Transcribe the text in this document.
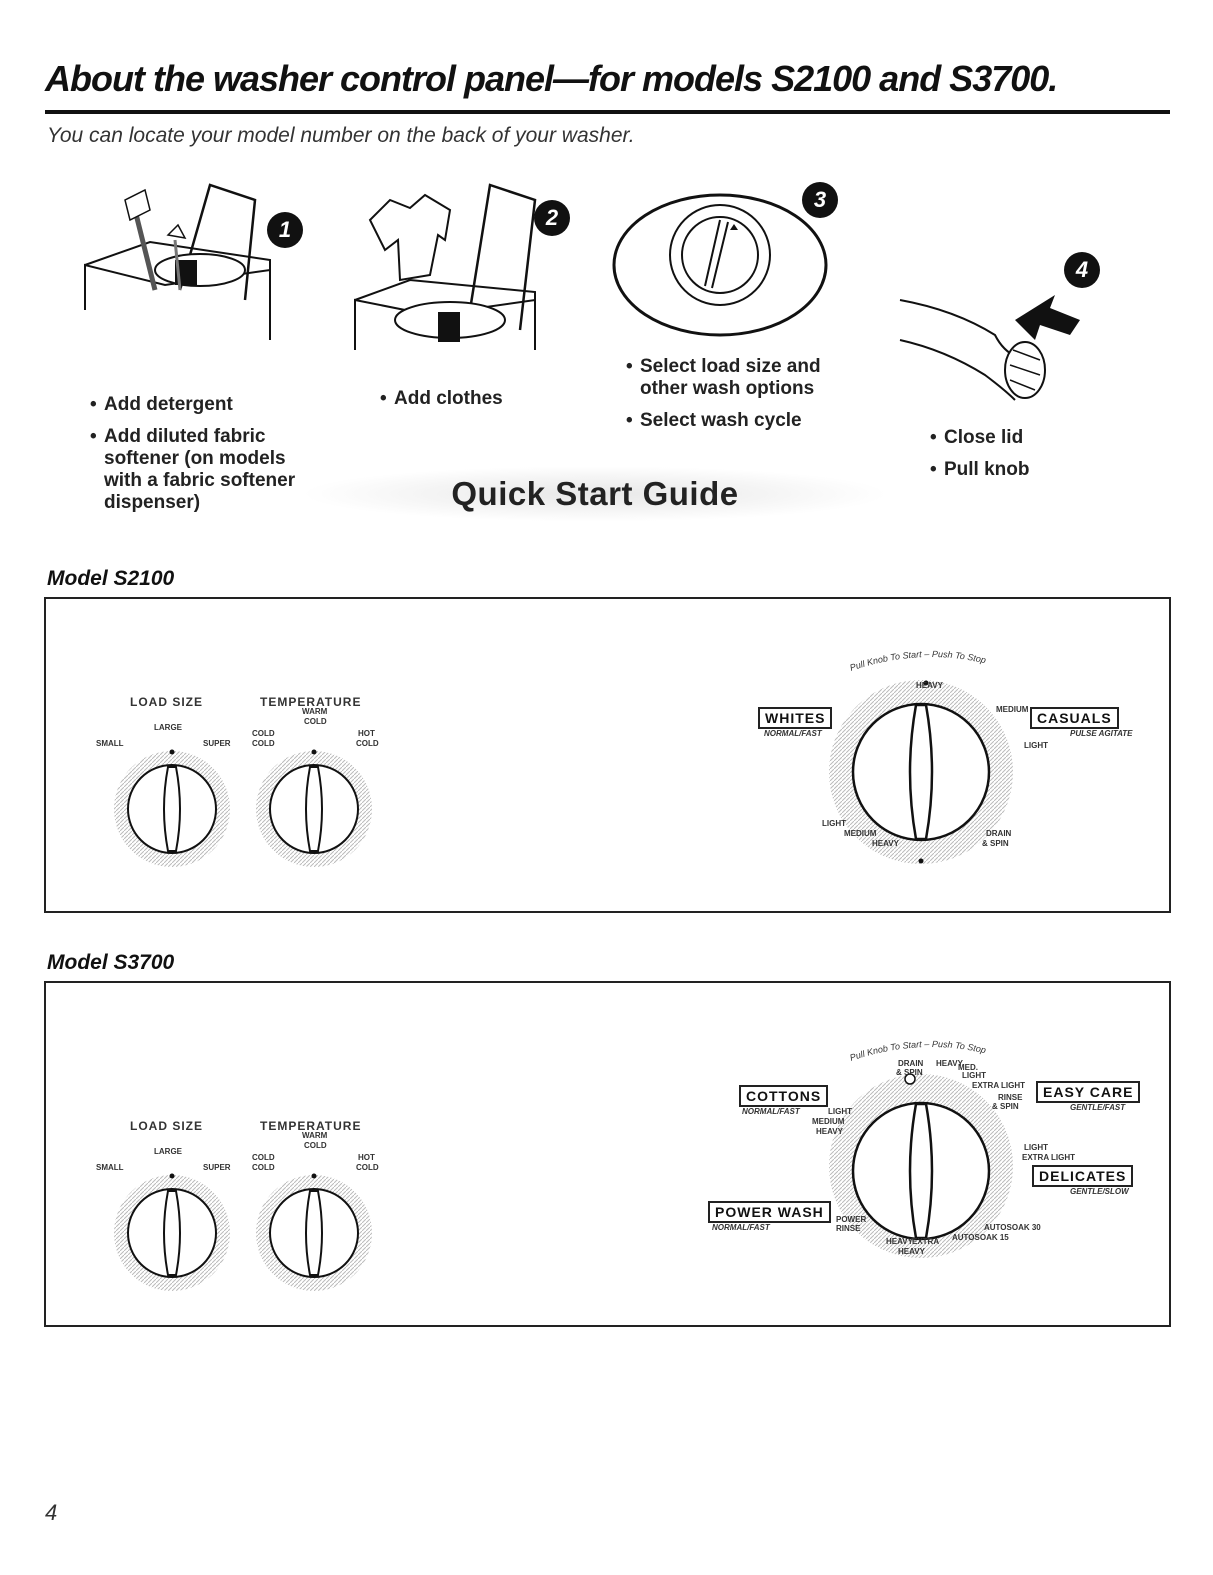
About the washer control panel—for models S2100 and S3700.
You can locate your model number on the back of your washer.
1
• Add detergent
• Add diluted fabric softener (on models with a fabric softener dispenser)
2
• Add clothes
3
• Select load size and other wash options
• Select wash cycle
4
• Close lid
• Pull knob
Quick Start Guide
Model S2100
LOAD SIZE
LARGE
SMALL	SUPER
TEMPERATURE
WARM
COLD
COLD
COLD
HOT
COLD
Pull Knob To Start – Push To Stop
HEAVY
MEDIUM
LIGHT
LIGHT
MEDIUM
HEAVY
DRAIN
& SPIN
WHITES
NORMAL/FAST
CASUALS
PULSE AGITATE
Model S3700
LOAD SIZE
LARGE
SMALL	SUPER
TEMPERATURE
WARM
COLD
COLD
COLD
HOT
COLD
Pull Knob To Start – Push To Stop
DRAIN
& SPIN
HEAVY
MED.
LIGHT
EXTRA LIGHT
RINSE
& SPIN
LIGHT
MEDIUM
HEAVY
LIGHT
EXTRA LIGHT
AUTOSOAK 30
AUTOSOAK 15
POWER
RINSE
HEAVY EXTRA
HEAVY
COTTONS
NORMAL/FAST
EASY CARE
GENTLE/FAST
DELICATES
GENTLE/SLOW
POWER WASH
NORMAL/FAST
4
